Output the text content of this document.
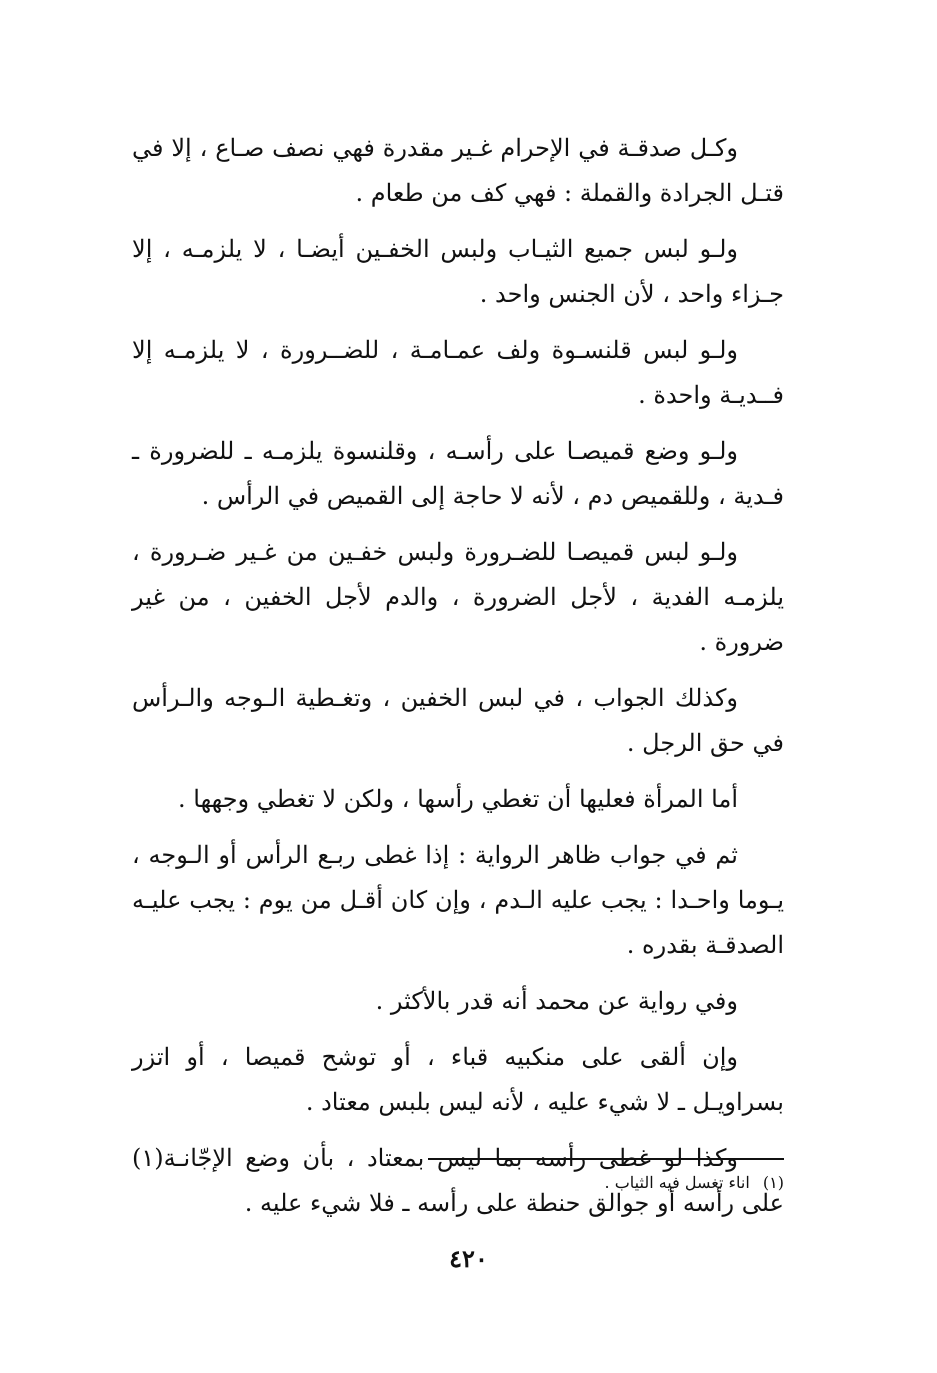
وكـل صدقـة في الإحرام غـير مقدرة فهي نصف صـاع ، إلا في قتـل الجرادة والقملة : فهي كف من طعام .

ولـو لبس جميع الثيـاب ولبس الخفـين أيضـا ، لا يلزمـه ، إلا جـزاء واحد ، لأن الجنس واحد .

ولـو لبس قلنسـوة ولف عمـامـة ، للضــرورة ، لا يلزمـه إلا فــديـة واحدة .

ولـو وضع قميصـا على رأسـه ، وقلنسوة يلزمـه ـ للضرورة ـ فـدية ، وللقميص دم ، لأنه لا حاجة إلى القميص في الرأس .

ولـو لبس قميصـا للضـرورة ولبس خفـين من غـير ضـرورة ، يلزمـه الفدية ، لأجل الضرورة ، والدم لأجل الخفين ، من غير ضرورة .

وكذلك الجواب ، في لبس الخفين ، وتغـطية الـوجه والـرأس في حق الرجل .

أما المرأة فعليها أن تغطي رأسها ، ولكن لا تغطي وجهها .

ثم في جواب ظاهر الرواية : إذا غطى ربـع الرأس أو الـوجه ، يـوما واحـدا : يجب عليه الـدم ، وإن كان أقـل من يوم : يجب عليـه الصدقـة بقدره .

وفي رواية عن محمد أنه قدر بالأكثر .

وإن ألقى على منكبيه قباء ، أو توشح قميصا ، أو اتزر بسراويـل ـ لا شيء عليه ، لأنه ليس بلبس معتاد .

وكذا لو غطى رأسه بما ليس بمعتاد ، بأن وضع الإجّانـة(١) على رأسه أو جوالق حنطة على رأسه ـ فلا شيء عليه .

(١) اناء تغسل فيه الثياب .
٤٢٠
